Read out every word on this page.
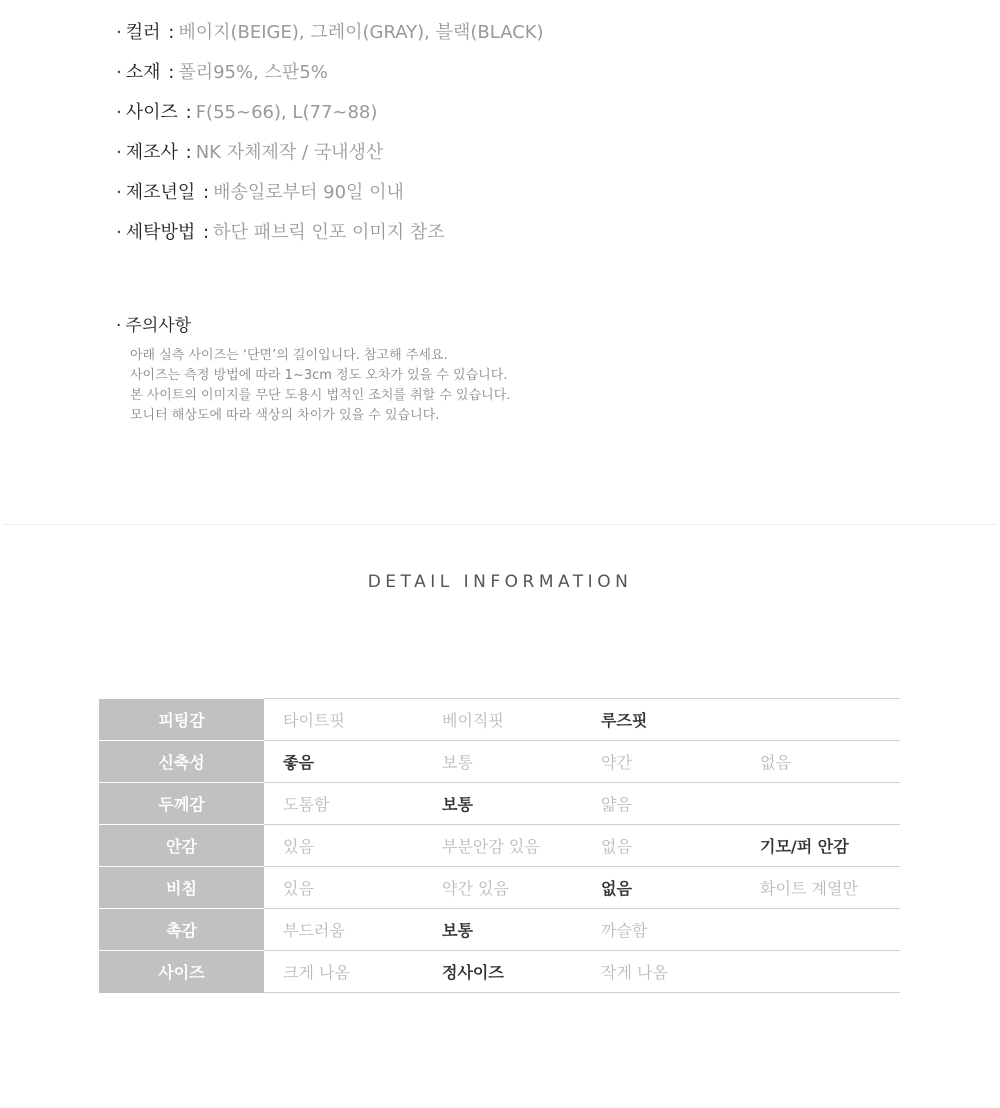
· 컬러 : 베이지(BEIGE), 그레이(GRAY), 블랙(BLACK)
· 소재 : 폴리95%, 스판5%
· 사이즈 : F(55~66), L(77~88)
· 제조사 : NK 자체제작 / 국내생산
· 제조년일 : 배송일로부터 90일 이내
· 세탁방법 : 하단 패브릭 인포 이미지 참조
· 주의사항
아래 실측 사이즈는 ‘단면’의 길이입니다. 참고해 주세요.
사이즈는 측정 방법에 따라 1~3cm 정도 오차가 있을 수 있습니다.
본 사이트의 이미지를 무단 도용시 법적인 조치를 취할 수 있습니다.
모니터 해상도에 따라 색상의 차이가 있을 수 있습니다.
DETAIL INFORMATION
피팅감	타이트핏	베이직핏	루즈핏	
신축성	좋음	보통	약간	없음
두께감	도톰함	보통	얇음	
안감	있음	부분안감 있음	없음	기모/퍼 안감
비침	있음	약간 있음	없음	화이트 계열만
촉감	부드러움	보통	까슬함	
사이즈	크게 나옴	정사이즈	작게 나옴	
